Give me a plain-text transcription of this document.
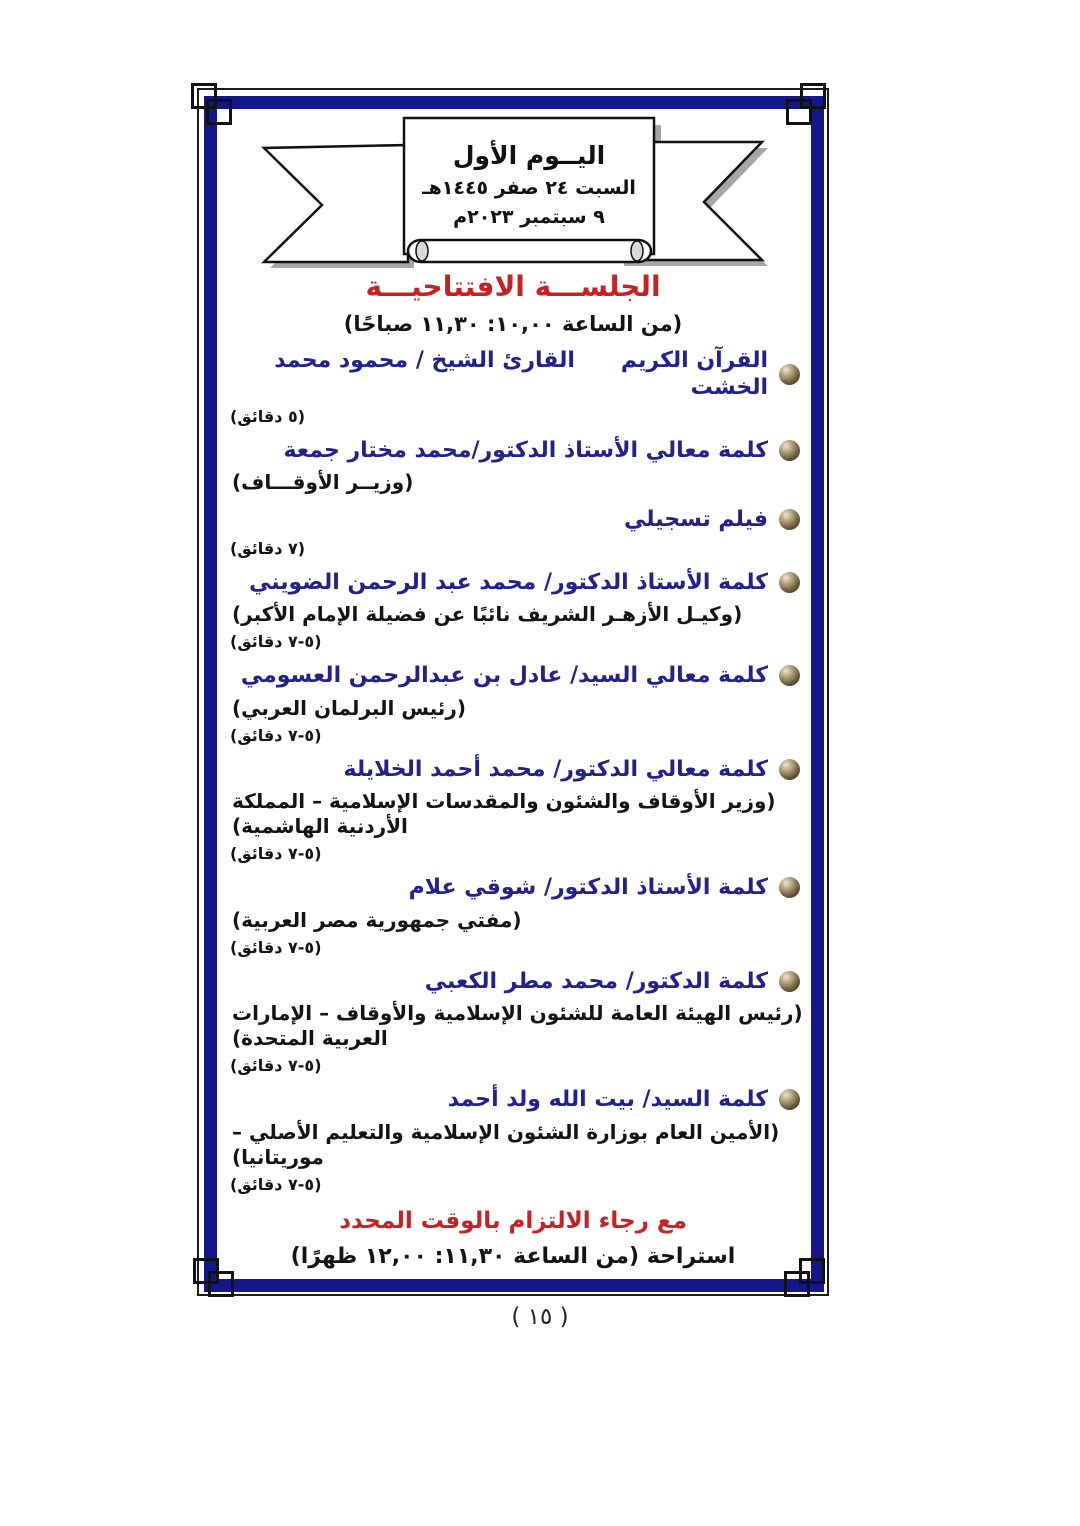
اليــوم الأول
السبت ٢٤ صفر ١٤٤٥هـ
٩ سبتمبر ٢٠٢٣م
الجلســـة الافتتاحيـــة
(من الساعة ١٠,٠٠: ١١,٣٠ صباحًا)
القرآن الكريم      القارئ الشيخ / محمود محمد الخشت
(٥ دقائق)
كلمة معالي الأستاذ الدكتور/محمد مختار جمعة
(وزيــر الأوقـــاف)
فيلم تسجيلي
(٧ دقائق)
كلمة الأستاذ الدكتور/ محمد عبد الرحمن الضويني
(وكيـل الأزهـر الشريف نائبًا عن فضيلة الإمام الأكبر)
(٥-٧ دقائق)
كلمة معالي السيد/ عادل بن عبدالرحمن العسومي
(رئيس البرلمان العربي)
(٥-٧ دقائق)
كلمة معالي الدكتور/ محمد أحمد الخلايلة
(وزير الأوقاف والشئون والمقدسات الإسلامية – المملكة الأردنية الهاشمية)
(٥-٧ دقائق)
كلمة الأستاذ الدكتور/ شوقي علام
(مفتي جمهورية مصر العربية)
(٥-٧ دقائق)
كلمة الدكتور/ محمد مطر الكعبي
(رئيس الهيئة العامة للشئون الإسلامية والأوقاف – الإمارات العربية المتحدة)
(٥-٧ دقائق)
كلمة السيد/ بيت الله ولد أحمد
(الأمين العام بوزارة الشئون الإسلامية والتعليم الأصلي – موريتانيا)
(٥-٧ دقائق)
مع رجاء الالتزام بالوقت المحدد
استراحة (من الساعة ١١,٣٠: ١٢,٠٠ ظهرًا)
( ١٥ )
